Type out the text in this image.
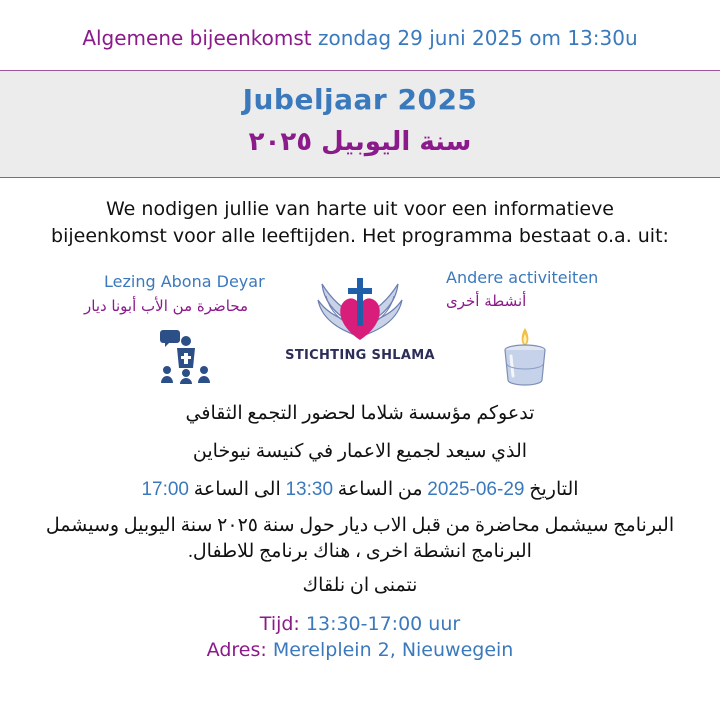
Algemene bijeenkomst zondag 29 juni 2025 om 13:30u
Jubeljaar 2025
سنة اليوبيل ٢٠٢٥
We nodigen jullie van harte uit voor een informatieve
bijeenkomst voor alle leeftijden. Het programma bestaat o.a. uit:
Lezing Abona Deyar
محاضرة من الأب أبونا ديار
STICHTING SHLAMA
Andere activiteiten
أنشطة أخرى
تدعوكم مؤسسة شلاما لحضور التجمع الثقافي
الذي سيعد لجميع الاعمار في كنيسة نيوخاين
التاريخ 2025-06-29 من الساعة 13:30 الى الساعة 17:00
البرنامج سيشمل محاضرة من قبل الاب ديار حول سنة ٢٠٢٥ سنة اليوبيل وسيشمل
البرنامج انشطة اخرى ، هناك برنامج للاطفال.
نتمنى ان نلقاك
Tijd: 13:30-17:00 uur
Adres: Merelplein 2, Nieuwegein
